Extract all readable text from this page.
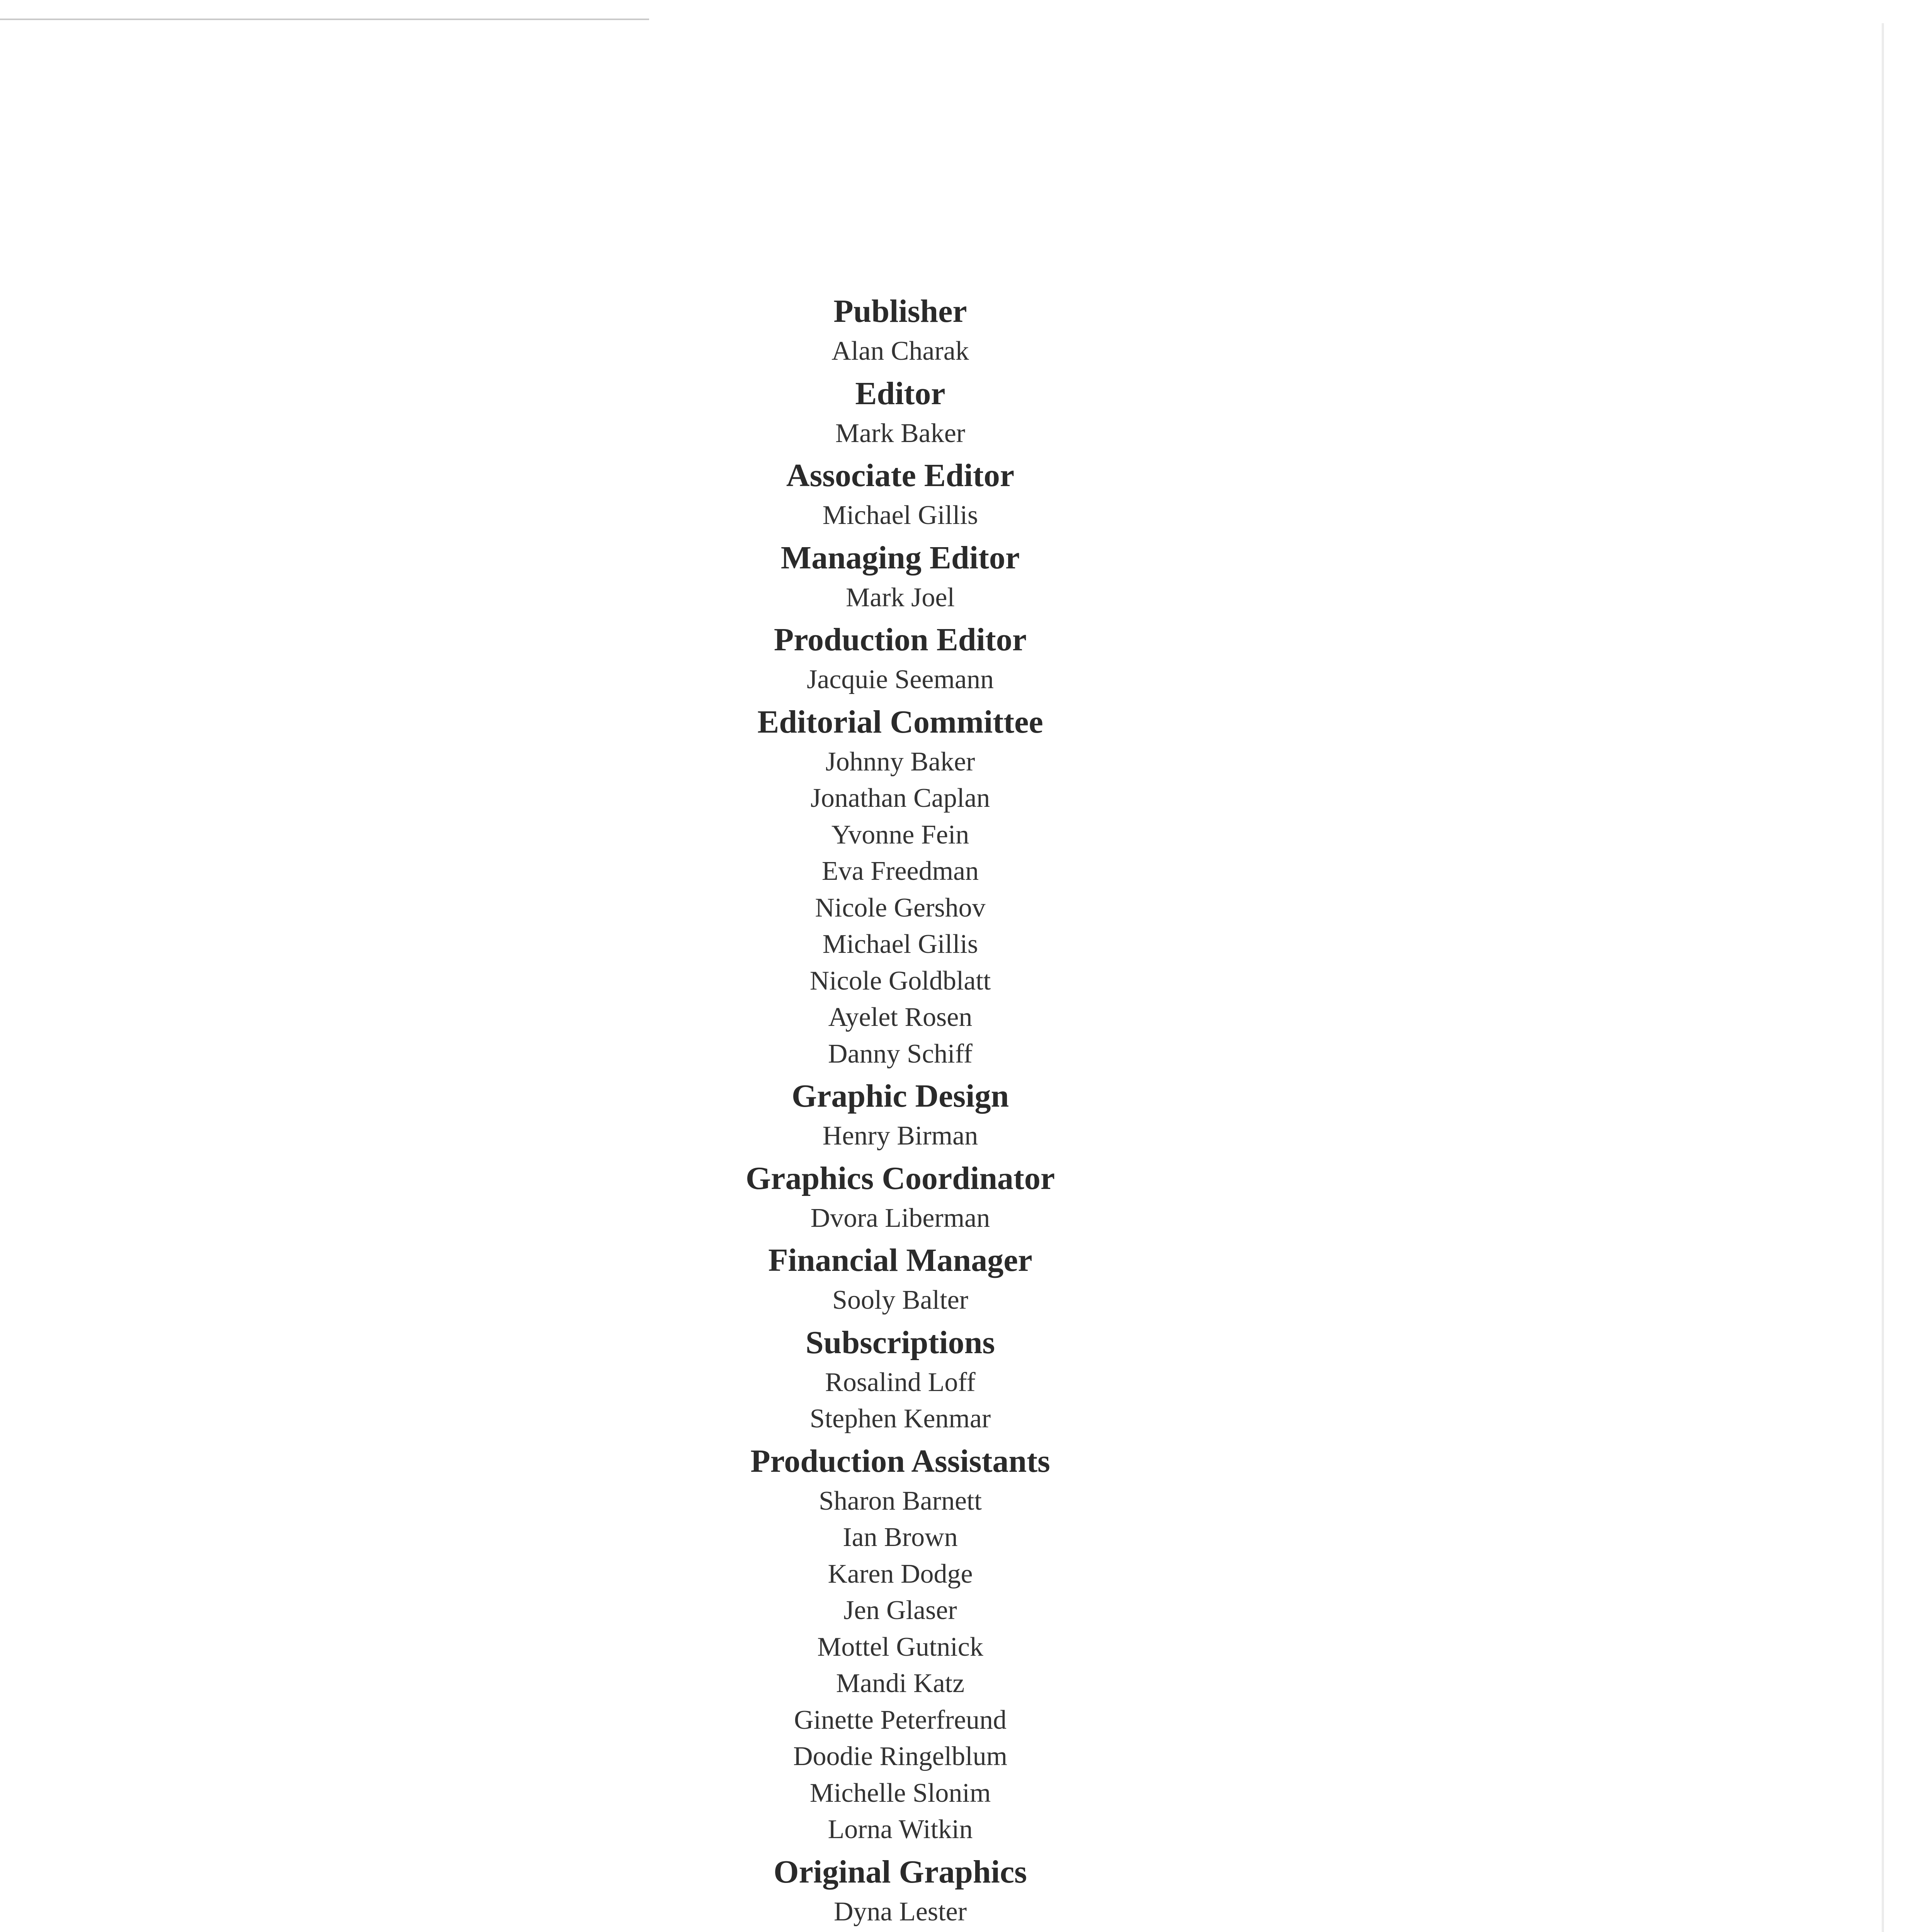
Publisher
Alan Charak
Editor
Mark Baker
Associate Editor
Michael Gillis
Managing Editor
Mark Joel
Production Editor
Jacquie Seemann
Editorial Committee
Johnny Baker
Jonathan Caplan
Yvonne Fein
Eva Freedman
Nicole Gershov
Michael Gillis
Nicole Goldblatt
Ayelet Rosen
Danny Schiff
Graphic Design
Henry Birman
Graphics Coordinator
Dvora Liberman
Financial Manager
Sooly Balter
Subscriptions
Rosalind Loff
Stephen Kenmar
Production Assistants
Sharon Barnett
Ian Brown
Karen Dodge
Jen Glaser
Mottel Gutnick
Mandi Katz
Ginette Peterfreund
Doodie Ringelblum
Michelle Slonim
Lorna Witkin
Original Graphics
Dyna Lester
